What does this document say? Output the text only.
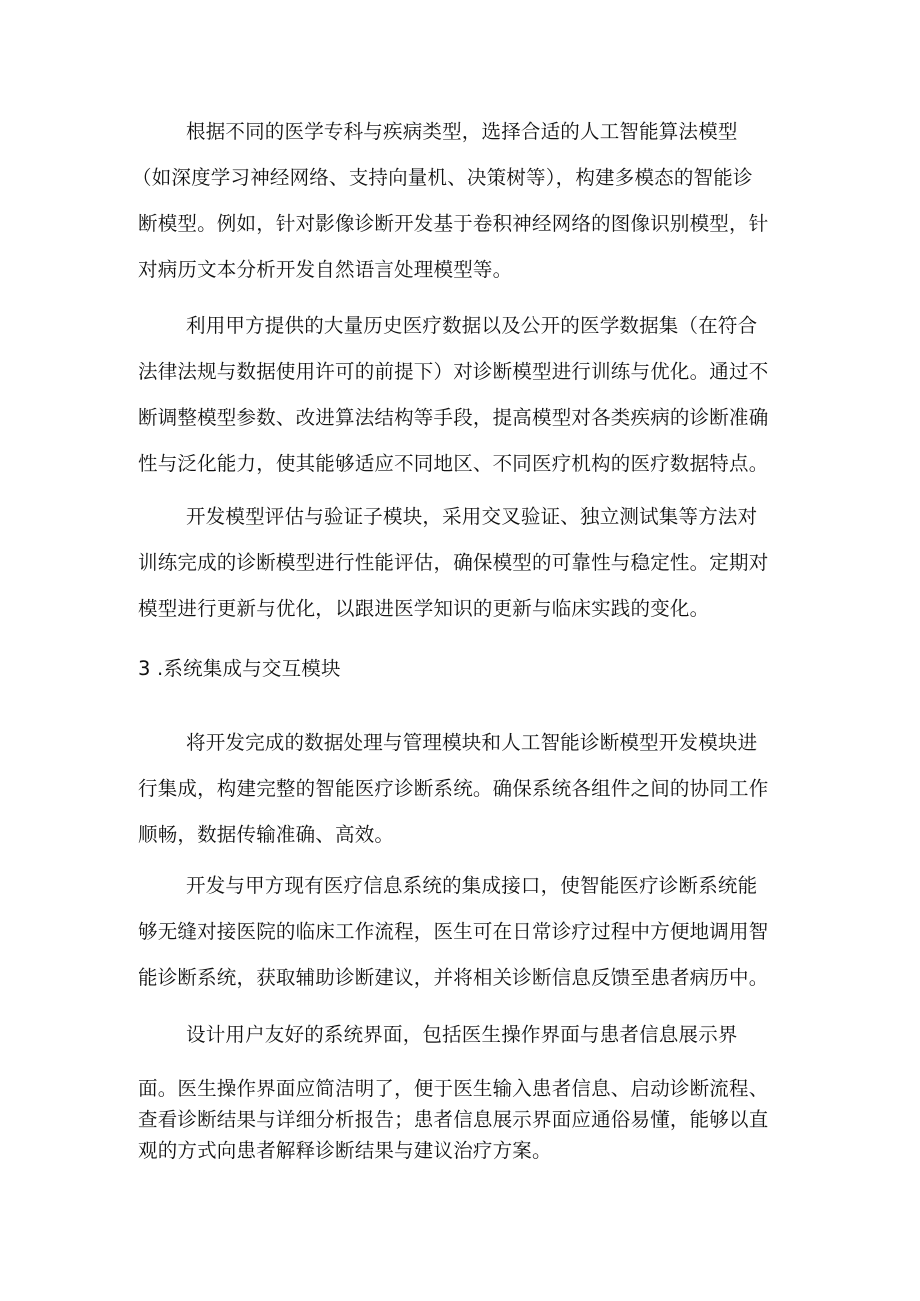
根据不同的医学专科与疾病类型，选择合适的人工智能算法模型
（如深度学习神经网络、支持向量机、决策树等），构建多模态的智能诊
断模型。例如，针对影像诊断开发基于卷积神经网络的图像识别模型，针
对病历文本分析开发自然语言处理模型等。
利用甲方提供的大量历史医疗数据以及公开的医学数据集（在符合
法律法规与数据使用许可的前提下）对诊断模型进行训练与优化。通过不
断调整模型参数、改进算法结构等手段，提高模型对各类疾病的诊断准确
性与泛化能力，使其能够适应不同地区、不同医疗机构的医疗数据特点。
开发模型评估与验证子模块，采用交叉验证、独立测试集等方法对
训练完成的诊断模型进行性能评估，确保模型的可靠性与稳定性。定期对
模型进行更新与优化，以跟进医学知识的更新与临床实践的变化。
3 .系统集成与交互模块
将开发完成的数据处理与管理模块和人工智能诊断模型开发模块进
行集成，构建完整的智能医疗诊断系统。确保系统各组件之间的协同工作
顺畅，数据传输准确、高效。
开发与甲方现有医疗信息系统的集成接口，使智能医疗诊断系统能
够无缝对接医院的临床工作流程，医生可在日常诊疗过程中方便地调用智
能诊断系统，获取辅助诊断建议，并将相关诊断信息反馈至患者病历中。
设计用户友好的系统界面，包括医生操作界面与患者信息展示界
面。医生操作界面应简洁明了，便于医生输入患者信息、启动诊断流程、
查看诊断结果与详细分析报告；患者信息展示界面应通俗易懂，能够以直
观的方式向患者解释诊断结果与建议治疗方案。
